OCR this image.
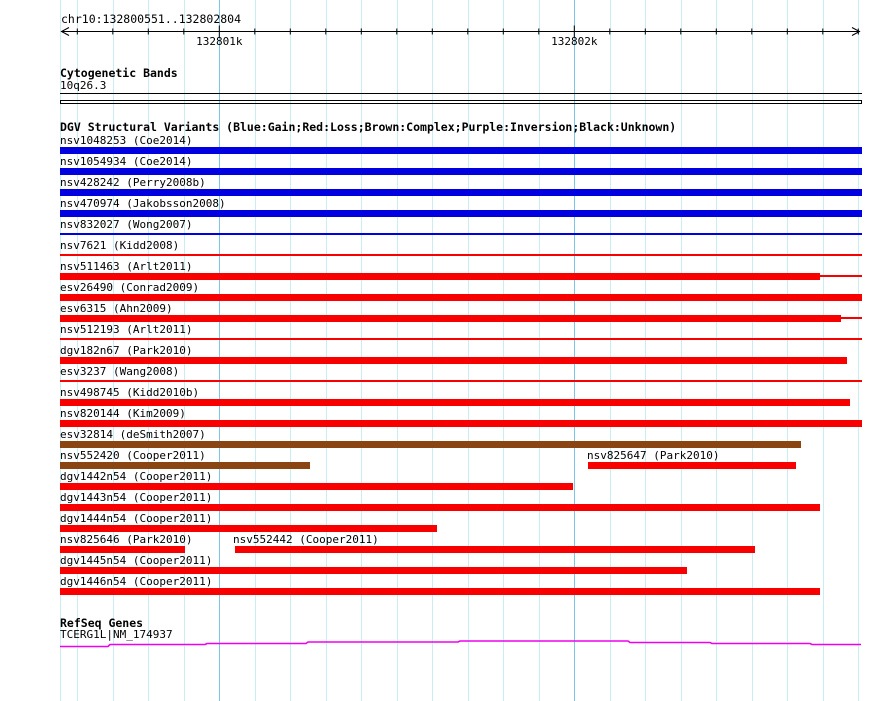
chr10:132800551..132802804
132801k	132802k
Cytogenetic Bands
10q26.3
DGV Structural Variants (Blue:Gain;Red:Loss;Brown:Complex;Purple:Inversion;Black:Unknown)
nsv1048253 (Coe2014)
nsv1054934 (Coe2014)
nsv428242 (Perry2008b)
nsv470974 (Jakobsson2008)
nsv832027 (Wong2007)
nsv7621 (Kidd2008)
nsv511463 (Arlt2011)
esv26490 (Conrad2009)
esv6315 (Ahn2009)
nsv512193 (Arlt2011)
dgv182n67 (Park2010)
esv3237 (Wang2008)
nsv498745 (Kidd2010b)
nsv820144 (Kim2009)
esv32814 (deSmith2007)
nsv552420 (Cooper2011)	nsv825647 (Park2010)
dgv1442n54 (Cooper2011)
dgv1443n54 (Cooper2011)
dgv1444n54 (Cooper2011)
nsv825646 (Park2010)	nsv552442 (Cooper2011)
dgv1445n54 (Cooper2011)
dgv1446n54 (Cooper2011)
RefSeq Genes
TCERG1L|NM_174937
